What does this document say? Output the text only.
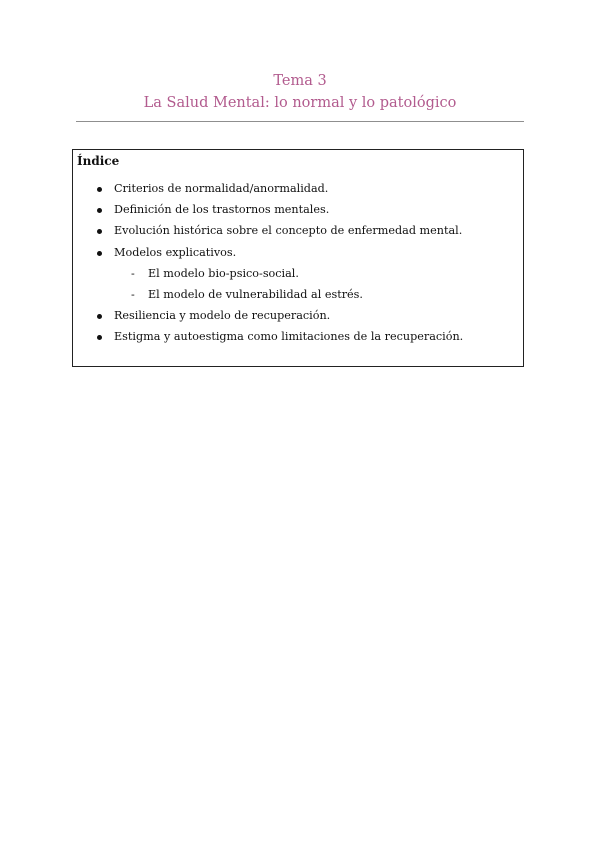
Tema 3
La Salud Mental: lo normal y lo patológico
Índice
Criterios de normalidad/anormalidad.
Definición de los trastornos mentales.
Evolución histórica sobre el concepto de enfermedad mental.
Modelos explicativos.
- El modelo bio-psico-social.
- El modelo de vulnerabilidad al estrés.
Resiliencia y modelo de recuperación.
Estigma y autoestigma como limitaciones de la recuperación.
